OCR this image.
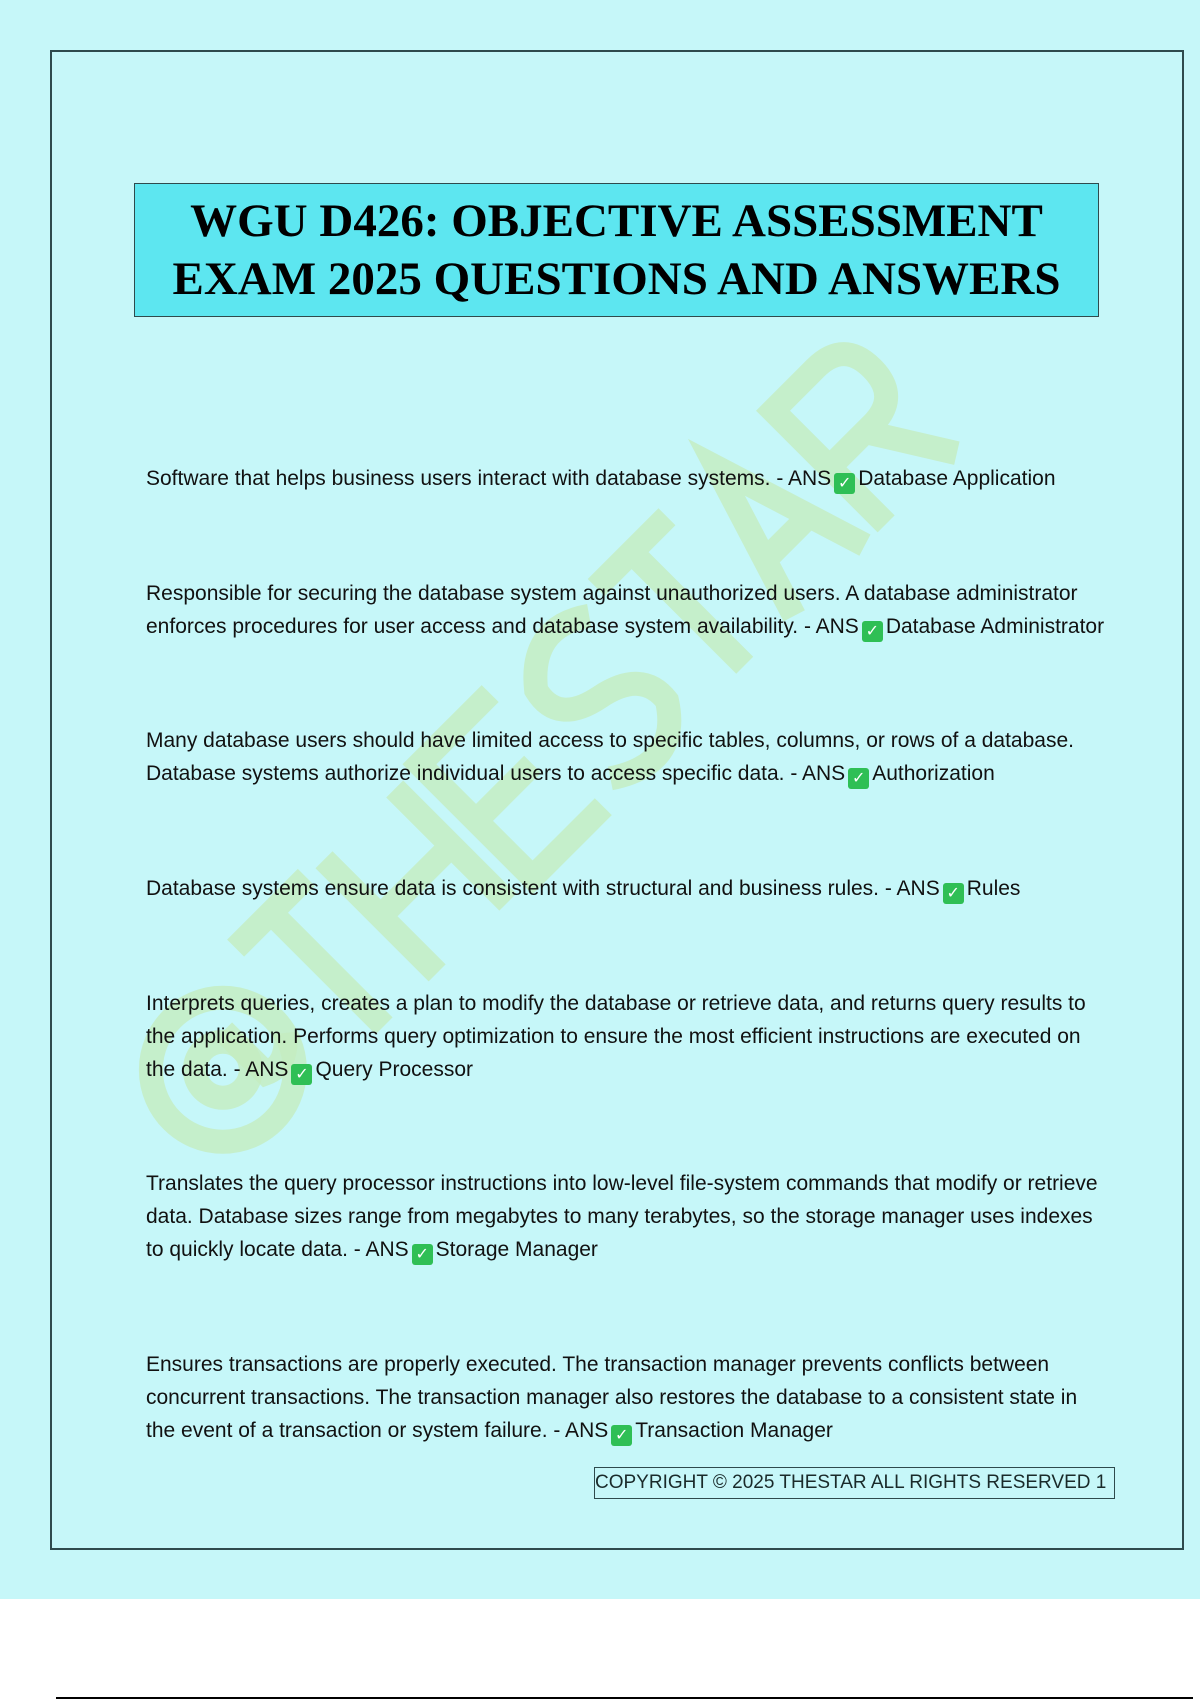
WGU D426: OBJECTIVE ASSESSMENT
EXAM 2025 QUESTIONS AND ANSWERS
Software that helps business users interact with database systems. - ANS ✓ Database Application
Responsible for securing the database system against unauthorized users. A database administrator enforces procedures for user access and database system availability. - ANS ✓ Database Administrator
Many database users should have limited access to specific tables, columns, or rows of a database. Database systems authorize individual users to access specific data. - ANS ✓ Authorization
Database systems ensure data is consistent with structural and business rules. - ANS ✓ Rules
Interprets queries, creates a plan to modify the database or retrieve data, and returns query results to the application. Performs query optimization to ensure the most efficient instructions are executed on the data. - ANS ✓ Query Processor
Translates the query processor instructions into low-level file-system commands that modify or retrieve data. Database sizes range from megabytes to many terabytes, so the storage manager uses indexes to quickly locate data. - ANS ✓ Storage Manager
Ensures transactions are properly executed. The transaction manager prevents conflicts between concurrent transactions. The transaction manager also restores the database to a consistent state in the event of a transaction or system failure. - ANS ✓ Transaction Manager
COPYRIGHT © 2025 THESTAR ALL RIGHTS RESERVED 1
